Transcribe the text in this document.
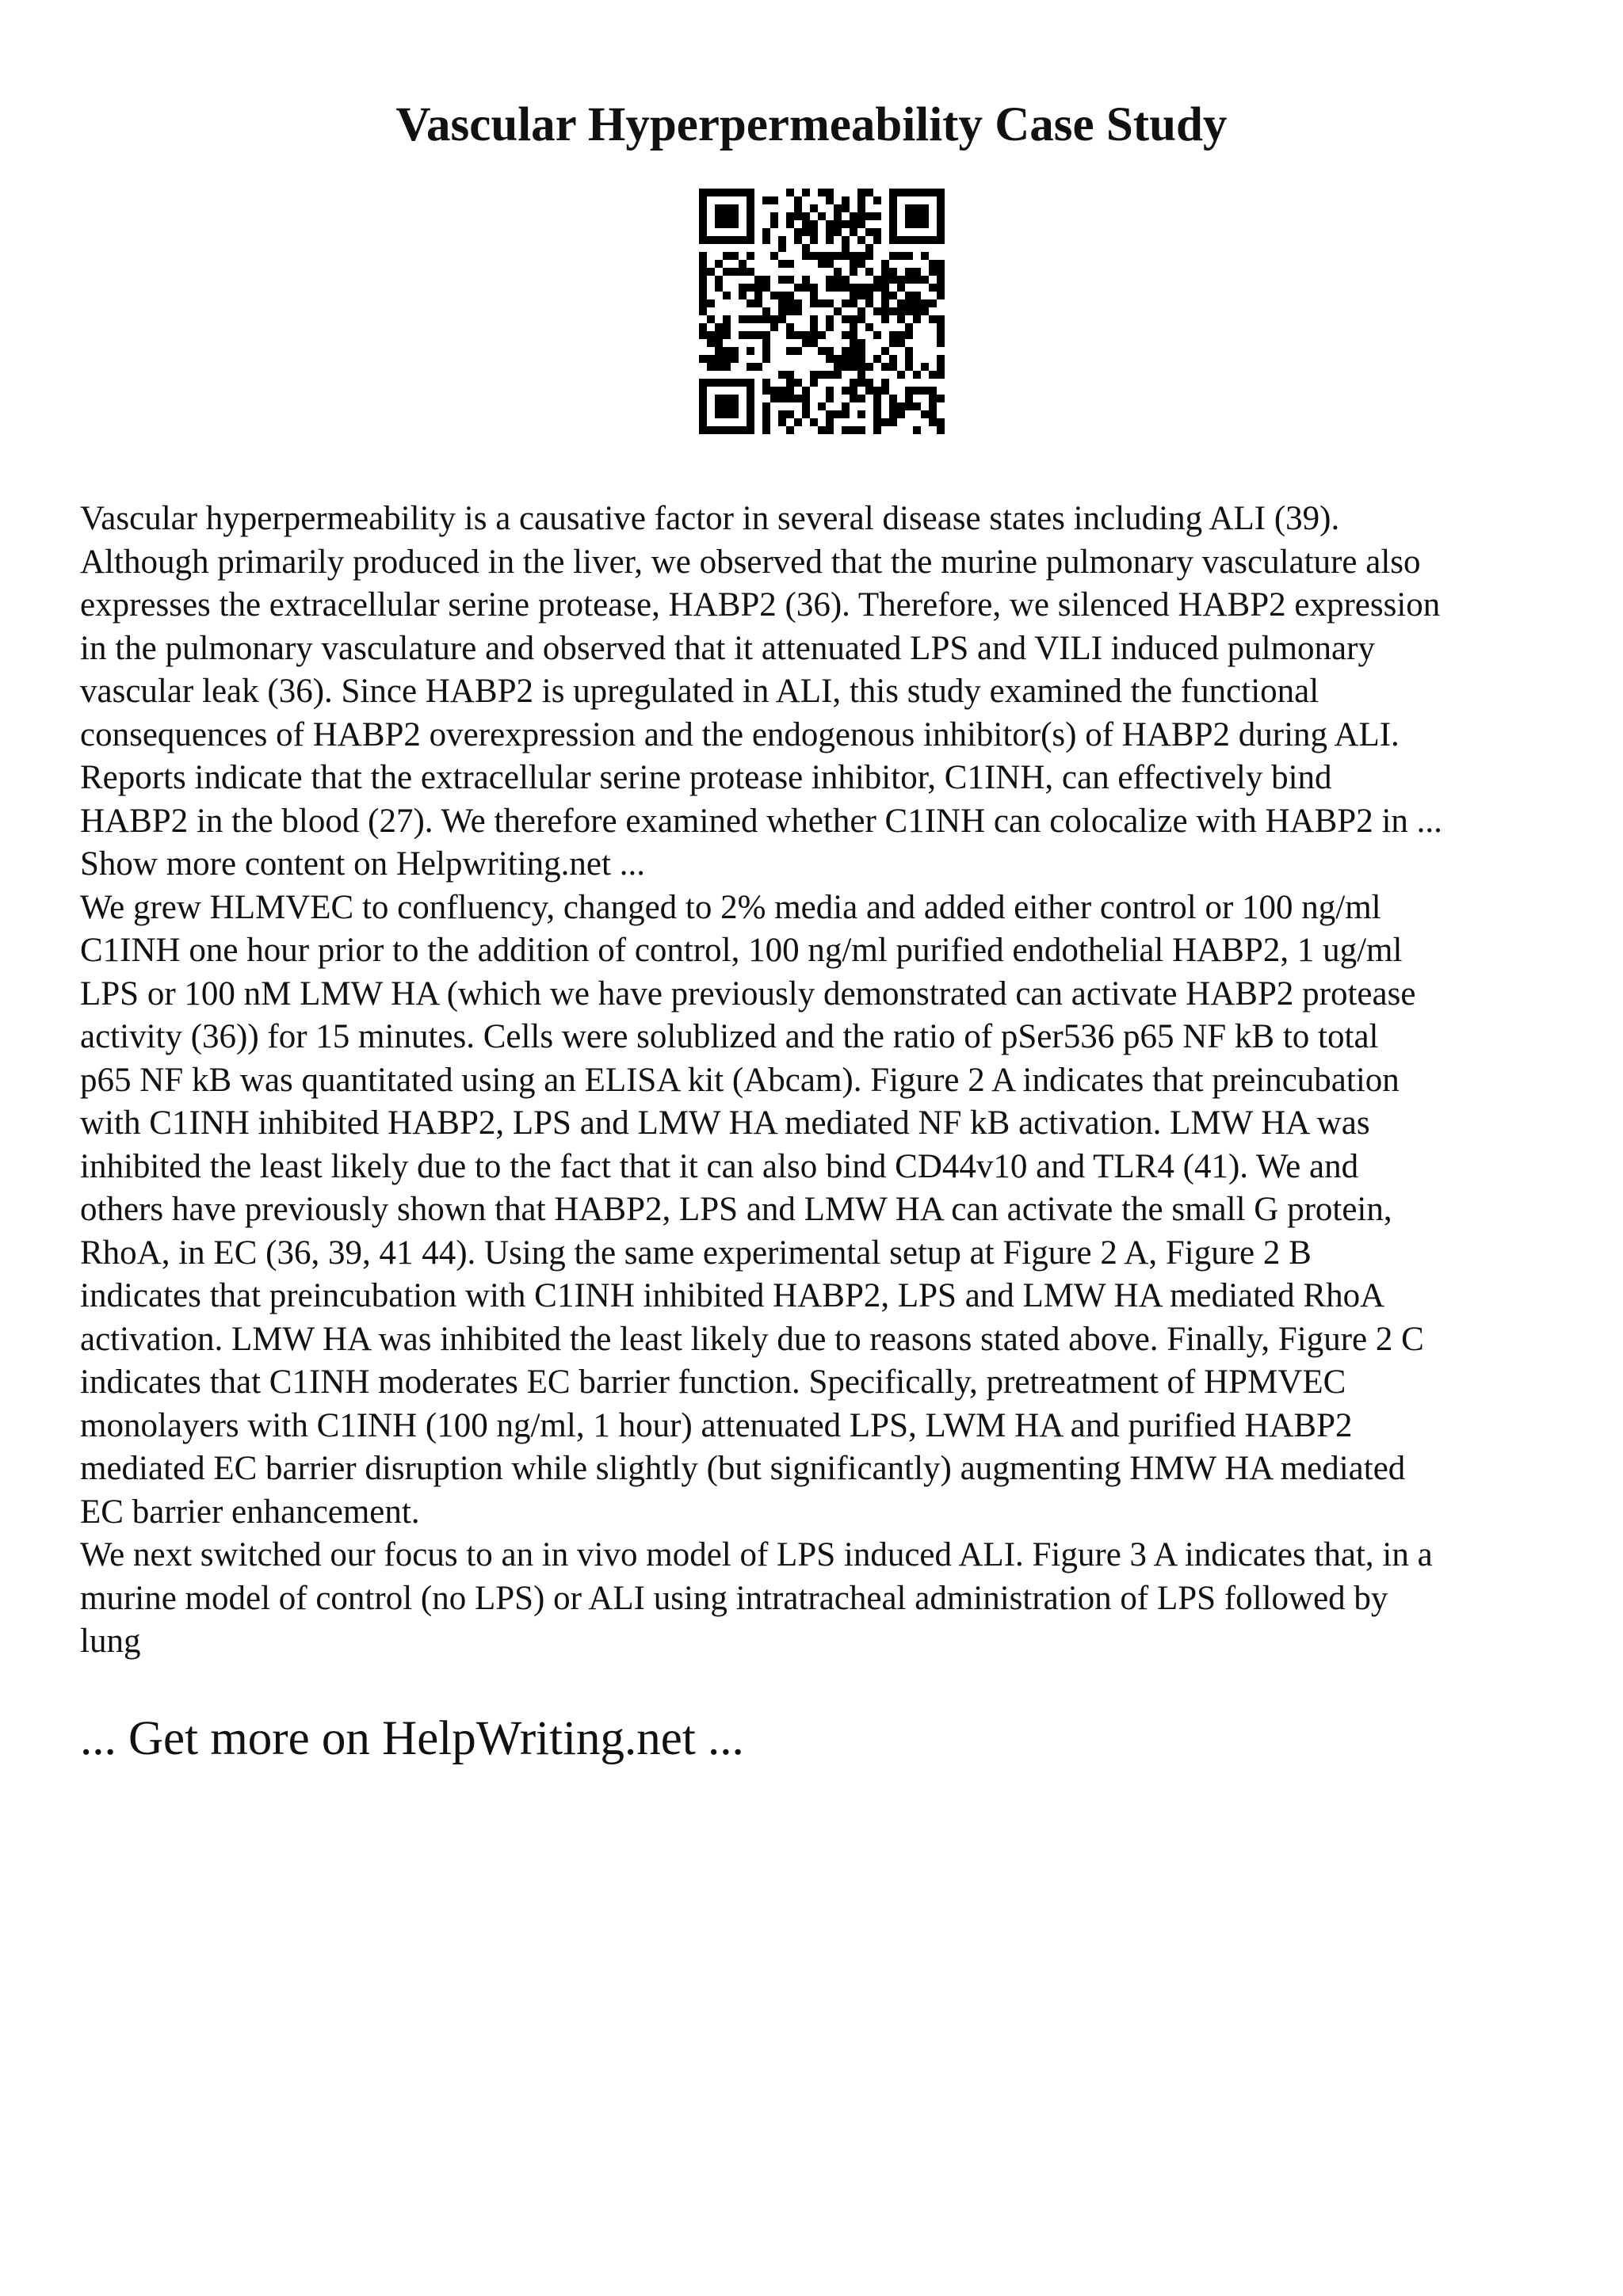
Vascular Hyperpermeability Case Study
Vascular hyperpermeability is a causative factor in several disease states including ALI (39).
Although primarily produced in the liver, we observed that the murine pulmonary vasculature also
expresses the extracellular serine protease, HABP2 (36). Therefore, we silenced HABP2 expression
in the pulmonary vasculature and observed that it attenuated LPS and VILI induced pulmonary
vascular leak (36). Since HABP2 is upregulated in ALI, this study examined the functional
consequences of HABP2 overexpression and the endogenous inhibitor(s) of HABP2 during ALI.
Reports indicate that the extracellular serine protease inhibitor, C1INH, can effectively bind
HABP2 in the blood (27). We therefore examined whether C1INH can colocalize with HABP2 in ...
Show more content on Helpwriting.net ...
We grew HLMVEC to confluency, changed to 2% media and added either control or 100 ng/ml
C1INH one hour prior to the addition of control, 100 ng/ml purified endothelial HABP2, 1 ug/ml
LPS or 100 nM LMW HA (which we have previously demonstrated can activate HABP2 protease
activity (36)) for 15 minutes. Cells were solublized and the ratio of pSer536 p65 NF kB to total
p65 NF kB was quantitated using an ELISA kit (Abcam). Figure 2 A indicates that preincubation
with C1INH inhibited HABP2, LPS and LMW HA mediated NF kB activation. LMW HA was
inhibited the least likely due to the fact that it can also bind CD44v10 and TLR4 (41). We and
others have previously shown that HABP2, LPS and LMW HA can activate the small G protein,
RhoA, in EC (36, 39, 41 44). Using the same experimental setup at Figure 2 A, Figure 2 B
indicates that preincubation with C1INH inhibited HABP2, LPS and LMW HA mediated RhoA
activation. LMW HA was inhibited the least likely due to reasons stated above. Finally, Figure 2 C
indicates that C1INH moderates EC barrier function. Specifically, pretreatment of HPMVEC
monolayers with C1INH (100 ng/ml, 1 hour) attenuated LPS, LWM HA and purified HABP2
mediated EC barrier disruption while slightly (but significantly) augmenting HMW HA mediated
EC barrier enhancement.
We next switched our focus to an in vivo model of LPS induced ALI. Figure 3 A indicates that, in a
murine model of control (no LPS) or ALI using intratracheal administration of LPS followed by
lung

... Get more on HelpWriting.net ...
